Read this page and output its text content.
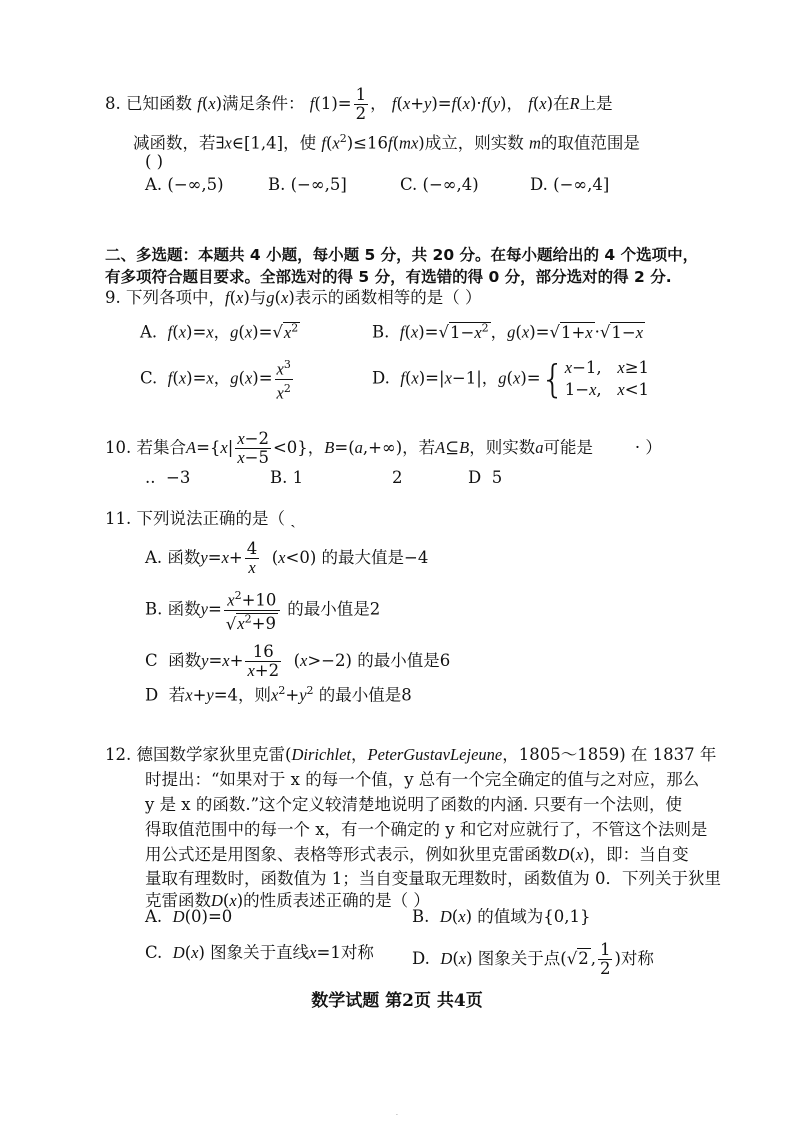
8. 已知函数 f(x)满足条件： $f(1)= \frac{1}{2}$ ， f(x+y)=f(x)·f(y)， f(x)在R上是
减函数，若∃x∈[1,4]，使 $f(x^2)\le 16f(mx)$成立，则实数 m的取值范围是
( )
A. (−∞,5)	B. (−∞,5]	C. (−∞,4)	D. (−∞,4]
二、多选题：本题共 4 小题，每小题 5 分，共 20 分。在每小题给出的 4 个选项中，
有多项符合题目要求。全部选对的得 5 分，有选错的得 0 分，部分选对的得 2 分.
9. 下列各项中，f(x)与g(x)表示的函数相等的是（ ）
A. f(x)=x，$g(x)=√x^2$	B. $f(x)=√1-x^2$ ，g(x)=√1+x ·√1−x
C. f(x)=x，$g(x)= \frac{x^3}{x^2}$	D. f(x)=|x−1|，g(x)={ x−1,   x≥1
1−x,   x<1
10. 若集合$A=\{x| \frac{x-2}{x-5} <0\}$，B=(a,+∞)，若A⊆B，则实数a可能是	· ）
.. −3	B. 1	2	D 5
11. 下列说法正确的是（ ˎ
A. 函数$y=x+ \frac{4}{x} (x<0)$ 的最大值是−4
B. 函数$y= \frac{x^2+10}{√x^2+9}$ 的最小值是2
C 函数$y=x+ \frac{16}{x+2} (x>-2)$ 的最小值是6
D 若x+y=4，则$x^2+y^2$ 的最小值是8
12. 德国数学家狄里克雷(Dirichlet，PeterGustavLejeune，1805～1859) 在 1837 年
时提出：“如果对于 x 的每一个值，y 总有一个完全确定的值与之对应，那么
y 是 x 的函数.”这个定义较清楚地说明了函数的内涵. 只要有一个法则，使
得取值范围中的每一个 x，有一个确定的 y 和它对应就行了，不管这个法则是
用公式还是用图象、表格等形式表示，例如狄里克雷函数D(x)，即：当自变
量取有理数时，函数值为 1；当自变量取无理数时，函数值为 0．下列关于狄里
克雷函数D(x)的性质表述正确的是（ ）
A. D(0)=0	B. D(x) 的值域为{0,1}
C. D(x) 图象关于直线x=1对称 D. D(x) 图象关于点(√2 , $\frac{1}{2}$ )对称
数学试题 第2页 共4页
·
